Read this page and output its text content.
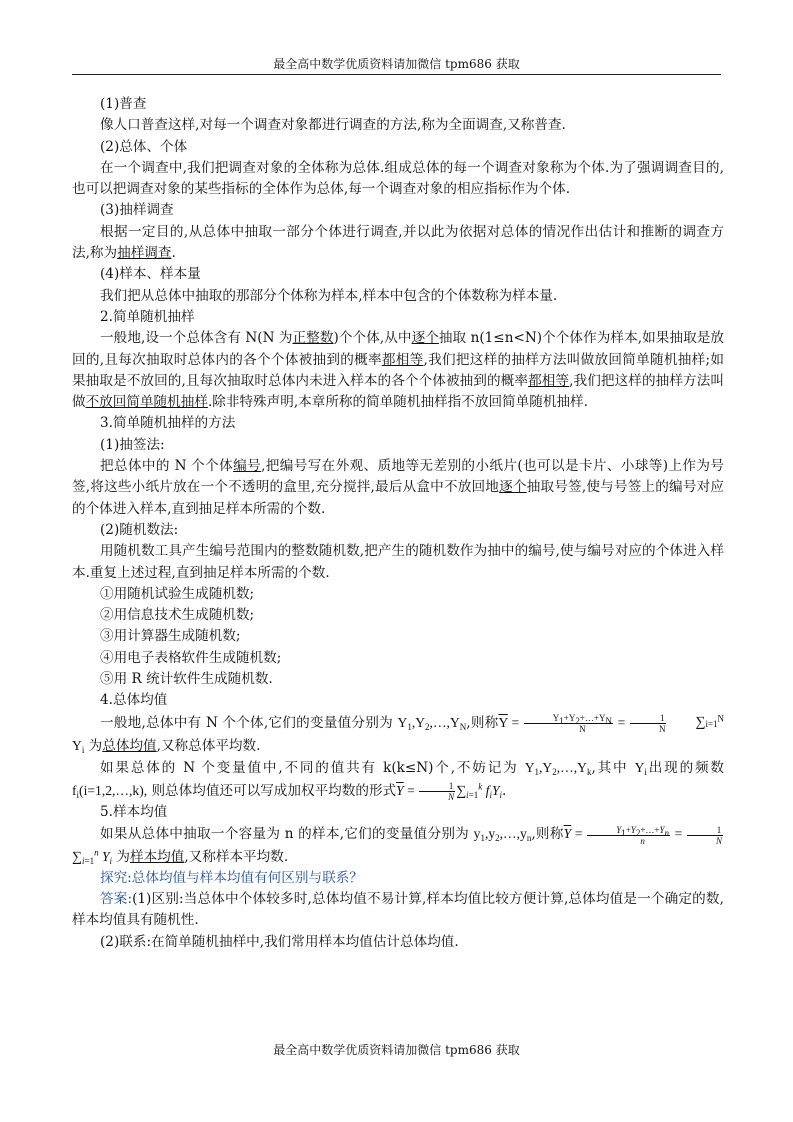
最全高中数学优质资料请加微信 tpm686 获取

(1)普查

像人口普查这样,对每一个调查对象都进行调查的方法,称为全面调查,又称普查.

(2)总体、个体

在一个调查中,我们把调查对象的全体称为总体.组成总体的每一个调查对象称为个体.为了强调调查目的,也可以把调查对象的某些指标的全体作为总体,每一个调查对象的相应指标作为个体.

(3)抽样调查

根据一定目的,从总体中抽取一部分个体进行调查,并以此为依据对总体的情况作出估计和推断的调查方法,称为抽样调查.

(4)样本、样本量

我们把从总体中抽取的那部分个体称为样本,样本中包含的个体数称为样本量.

2.简单随机抽样

一般地,设一个总体含有 N(N 为正整数)个个体,从中逐个抽取 n(1≤n<N)个个体作为样本,如果抽取是放回的,且每次抽取时总体内的各个个体被抽到的概率都相等,我们把这样的抽样方法叫做放回简单随机抽样;如果抽取是不放回的,且每次抽取时总体内未进入样本的各个个体被抽到的概率都相等,我们把这样的抽样方法叫做不放回简单随机抽样.除非特殊声明,本章所称的简单随机抽样指不放回简单随机抽样.

3.简单随机抽样的方法

(1)抽签法:

把总体中的 N 个个体编号,把编号写在外观、质地等无差别的小纸片(也可以是卡片、小球等)上作为号签,将这些小纸片放在一个不透明的盒里,充分搅拌,最后从盒中不放回地逐个抽取号签,使与号签上的编号对应的个体进入样本,直到抽足样本所需的个数.

(2)随机数法:

用随机数工具产生编号范围内的整数随机数,把产生的随机数作为抽中的编号,使与编号对应的个体进入样本.重复上述过程,直到抽足样本所需的个数.

①用随机试验生成随机数;

②用信息技术生成随机数;

③用计算器生成随机数;

④用电子表格软件生成随机数;

⑤用 R 统计软件生成随机数.

4.总体均值

一般地,总体中有 N 个个体,它们的变量值分别为 $Y_1,Y_2,\dots,Y_N$,则称$\overline{Y} = \frac{Y_1+Y_2+\dots+Y_N}{N} = \frac{1}{N} \sum i=1^N$ $Y_i$ 为总体均值,又称总体平均数.

如果总体的 N 个变量值中,不同的值共有 k(k≤N)个,不妨记为 $Y_1,Y_2,\dots,Y_k$,其中 $Y_i$出现的频数 $f_i(i=1,2,\dots,k)$, 则总体均值还可以写成加权平均数的形式$\overline{Y} = \frac{1}{N} \sum_{i=1}^k$ $f_iY_i$.

5.样本均值

如果从总体中抽取一个容量为 n 的样本,它们的变量值分别为 $y_1,y_2,\dots,y_n$,则称$\overline{Y} = \frac{Y_1+Y_2+\dots+Y_n}{n} = \frac{1}{N}$
$\sum_{i=1}^n$ $Y_i$ 为样本均值,又称样本平均数.

探究:总体均值与样本均值有何区别与联系？

答案:(1)区别:当总体中个体较多时,总体均值不易计算,样本均值比较方便计算,总体均值是一个确定的数,样本均值具有随机性.

(2)联系:在简单随机抽样中,我们常用样本均值估计总体均值.

最全高中数学优质资料请加微信 tpm686 获取
